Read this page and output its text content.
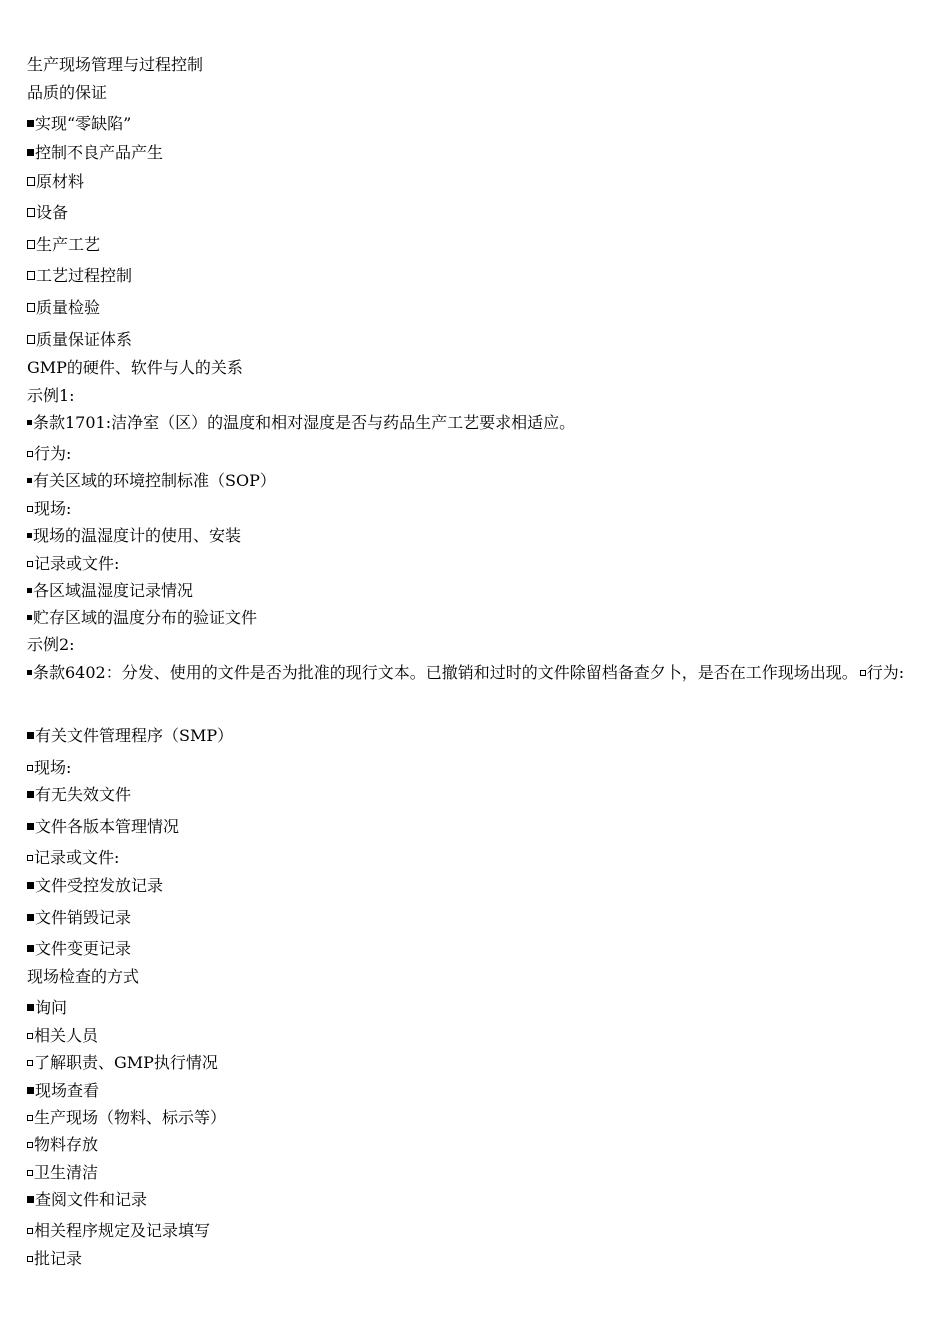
生产现场管理与过程控制
品质的保证
实现“零缺陷”
控制不良产品产生
原材料
设备
生产工艺
工艺过程控制
质量检验
质量保证体系
GMP的硬件、软件与人的关系
示例1:
条款1701:洁净室（区）的温度和相对湿度是否与药品生产工艺要求相适应。
行为:
有关区域的环境控制标准（SOP）
现场:
现场的温湿度计的使用、安装
记录或文件:
各区域温湿度记录情况
贮存区域的温度分布的验证文件
示例2:
条款6402：分发、使用的文件是否为批准的现行文本。已撤销和过时的文件除留档备查夕卜，是否在工作现场出现。 行为:
有关文件管理程序（SMP）
现场:
有无失效文件
文件各版本管理情况
记录或文件:
文件受控发放记录
文件销毁记录
文件变更记录
现场检查的方式
询问
相关人员
了解职责、GMP执行情况
现场查看
生产现场（物料、标示等）
物料存放
卫生清洁
查阅文件和记录
相关程序规定及记录填写
批记录
